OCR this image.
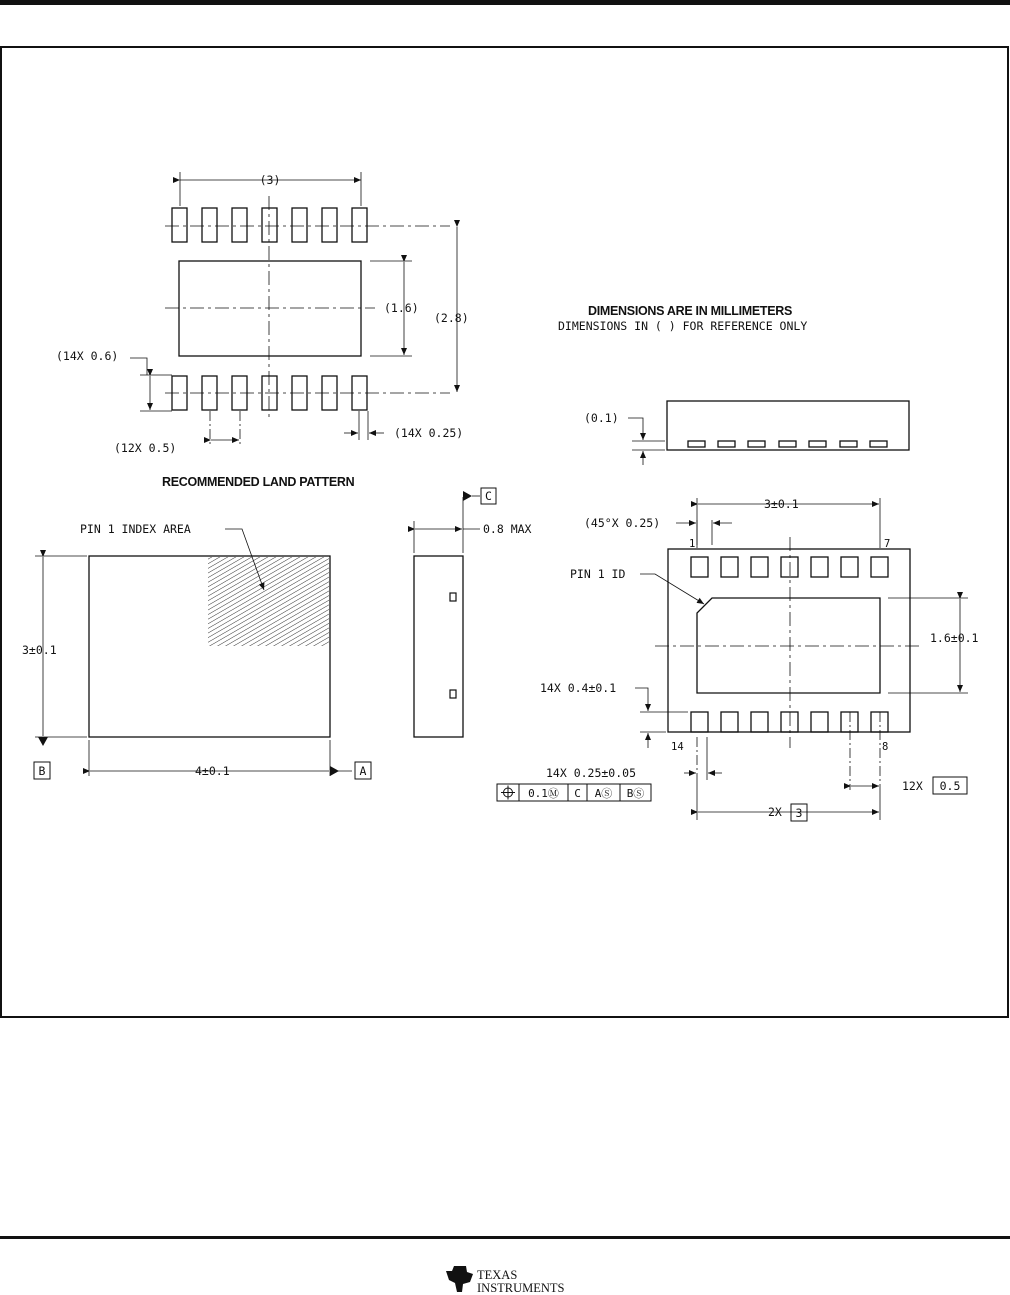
(3)
(1.6)
(2.8)
(14X 0.6)
(12X 0.5)
(14X 0.25)
RECOMMENDED LAND PATTERN
DIMENSIONS ARE IN MILLIMETERS
DIMENSIONS IN ( ) FOR REFERENCE ONLY
(0.1)
PIN 1 INDEX AREA
3±0.1
4±0.1
B	A
C
0.8 MAX
3±0.1
(45°X 0.25)
1	7
PIN 1 ID
1.6±0.1
14X 0.4±0.1
14	8
14X 0.25±0.05
12X 0.5
2X 3
0.1Ⓜ C AⓈ BⓈ
TEXAS
INSTRUMENTS
